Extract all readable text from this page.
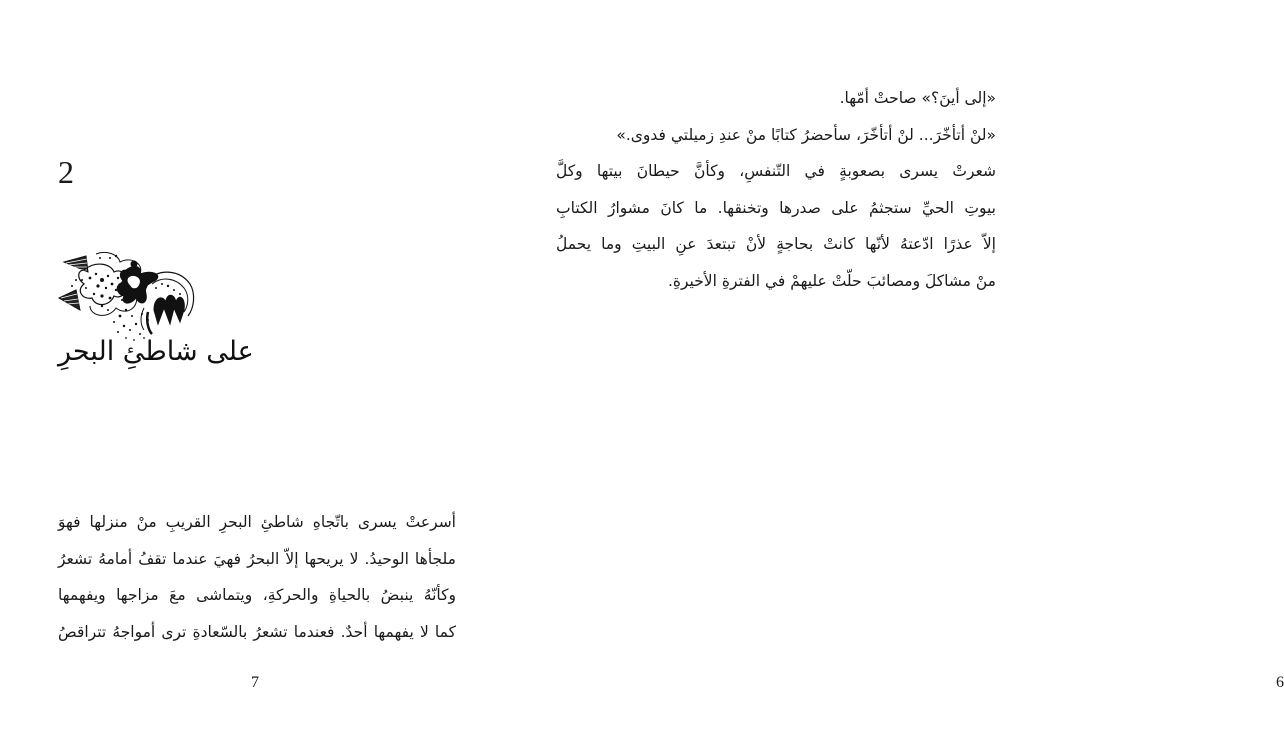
2
على شاطئِ البحرِ
أسرعتْ يسرى باتّجاهِ شاطئِ البحرِ القريبِ منْ منزلها فهوَ
ملجأها الوحيدُ. لا يريحها إلاّ البحرُ فهيَ عندما تقفُ أمامهُ تشعرُ
وكأنّهُ ينبضُ بالحياةِ والحركةِ، ويتماشى معَ مزاجها ويفهمها
كما لا يفهمها أحدٌ. فعندما تشعرُ بالسّعادةِ ترى أمواجهُ تتراقصُ
7
«إلى أينَ؟» صاحتْ أمّها.
«لنْ أتأخّرَ... لنْ أتأخّرَ، سأحضرُ كتابًا منْ عندِ زميلتي فدوى.»
شعرتْ يسرى بصعوبةٍ في التّنفسِ، وكأنَّ حيطانَ بيتها وكلَّ
بيوتِ الحيِّ ستجثمُ على صدرها وتخنقها. ما كانَ مشوارُ الكتابِ
إلاّ عذرًا ادّعتهُ لأنّها كانتْ بحاجةٍ لأنْ تبتعدَ عنِ البيتِ وما يحملُ
منْ مشاكلَ ومصائبَ حلّتْ عليهمْ في الفترةِ الأخيرةِ.
6
